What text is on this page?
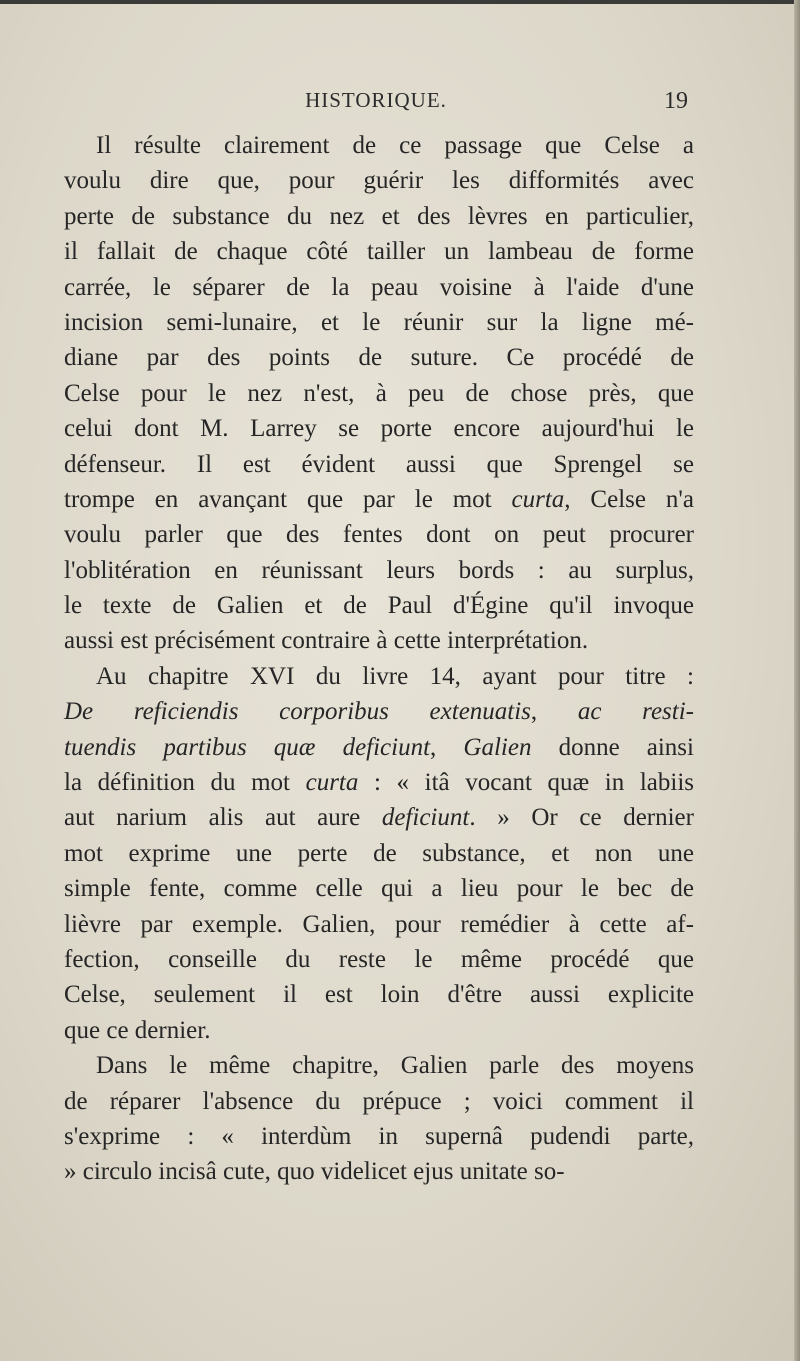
HISTORIQUE.	19
Il résulte clairement de ce passage que Celse a
voulu dire que, pour guérir les difformités avec
perte de substance du nez et des lèvres en particulier,
il fallait de chaque côté tailler un lambeau de forme
carrée, le séparer de la peau voisine à l'aide d'une
incision semi-lunaire, et le réunir sur la ligne mé-
diane par des points de suture. Ce procédé de
Celse pour le nez n'est, à peu de chose près, que
celui dont M. Larrey se porte encore aujourd'hui le
défenseur. Il est évident aussi que Sprengel se
trompe en avançant que par le mot curta, Celse n'a
voulu parler que des fentes dont on peut procurer
l'oblitération en réunissant leurs bords : au surplus,
le texte de Galien et de Paul d'Égine qu'il invoque
aussi est précisément contraire à cette interprétation.
Au chapitre XVI du livre 14, ayant pour titre :
De reficiendis corporibus extenuatis, ac resti-
tuendis partibus quæ deficiunt, Galien donne ainsi
la définition du mot curta : « itâ vocant quæ in labiis
aut narium alis aut aure deficiunt. » Or ce dernier
mot exprime une perte de substance, et non une
simple fente, comme celle qui a lieu pour le bec de
lièvre par exemple. Galien, pour remédier à cette af-
fection, conseille du reste le même procédé que
Celse, seulement il est loin d'être aussi explicite
que ce dernier.
Dans le même chapitre, Galien parle des moyens
de réparer l'absence du prépuce ; voici comment il
s'exprime : « interdùm in supernâ pudendi parte,
» circulo incisâ cute, quo videlicet ejus unitate so-
